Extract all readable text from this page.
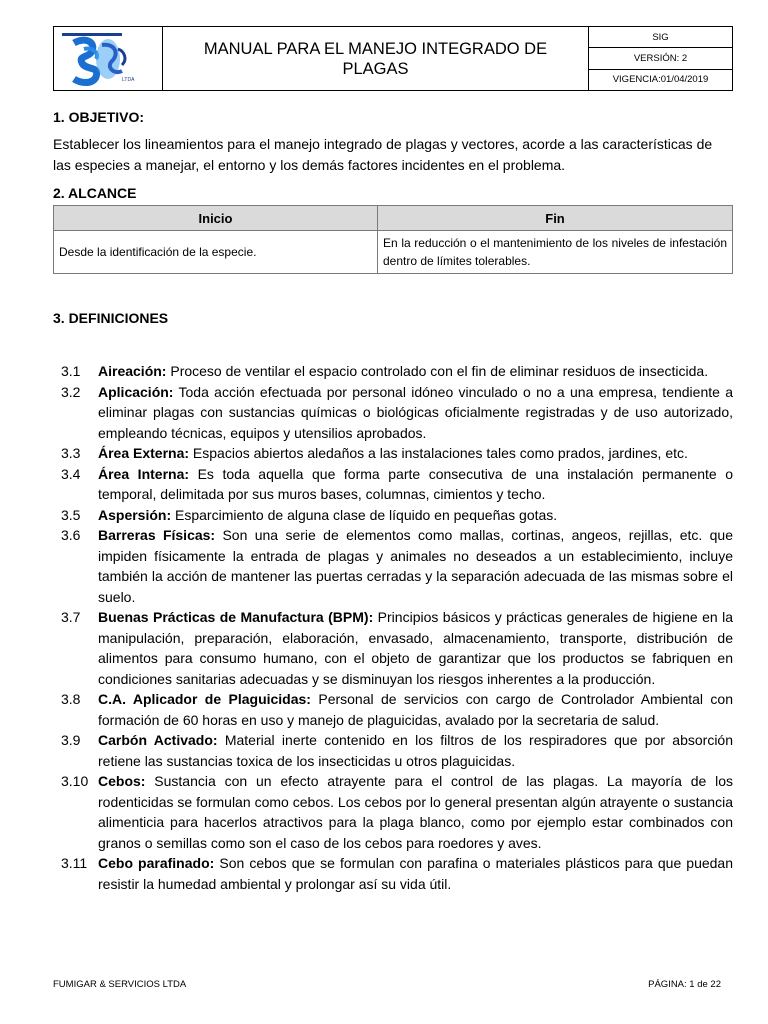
LTDA
MANUAL PARA EL MANEJO INTEGRADO DE PLAGAS
SIG
VERSIÓN: 2
VIGENCIA:01/04/2019
1. OBJETIVO:
Establecer los lineamientos para el manejo integrado de plagas y vectores, acorde a las características de las especies a manejar, el entorno y los demás factores incidentes en el problema.
2. ALCANCE
Inicio	Fin
Desde la identificación de la especie.	En la reducción o el mantenimiento de los niveles de infestación dentro de límites tolerables.
3. DEFINICIONES
3.1	Aireación: Proceso de ventilar el espacio controlado con el fin de eliminar residuos de insecticida.
3.2	Aplicación: Toda acción efectuada por personal idóneo vinculado o no a una empresa, tendiente a eliminar plagas con sustancias químicas o biológicas oficialmente registradas y de uso autorizado, empleando técnicas, equipos y utensilios aprobados.
3.3	Área Externa: Espacios abiertos aledaños a las instalaciones tales como prados, jardines, etc.
3.4	Área Interna: Es toda aquella que forma parte consecutiva de una instalación permanente o temporal, delimitada por sus muros bases, columnas, cimientos y techo.
3.5	Aspersión: Esparcimiento de alguna clase de líquido en pequeñas gotas.
3.6	Barreras Físicas: Son una serie de elementos como mallas, cortinas, angeos, rejillas, etc. que impiden físicamente la entrada de plagas y animales no deseados a un establecimiento, incluye también la acción de mantener las puertas cerradas y la separación adecuada de las mismas sobre el suelo.
3.7	Buenas Prácticas de Manufactura (BPM): Principios básicos y prácticas generales de higiene en la manipulación, preparación, elaboración, envasado, almacenamiento, transporte, distribución de alimentos para consumo humano, con el objeto de garantizar que los productos se fabriquen en condiciones sanitarias adecuadas y se disminuyan los riesgos inherentes a la producción.
3.8	C.A. Aplicador de Plaguicidas: Personal de servicios con cargo de Controlador Ambiental con formación de 60 horas en uso y manejo de plaguicidas, avalado por la secretaria de salud.
3.9	Carbón Activado: Material inerte contenido en los filtros de los respiradores que por absorción retiene las sustancias toxica de los insecticidas u otros plaguicidas.
3.10 Cebos: Sustancia con un efecto atrayente para el control de las plagas. La mayoría de los rodenticidas se formulan como cebos. Los cebos por lo general presentan algún atrayente o sustancia alimenticia para hacerlos atractivos para la plaga blanco, como por ejemplo estar combinados con granos o semillas como son el caso de los cebos para roedores y aves.
3.11 Cebo parafinado: Son cebos que se formulan con parafina o materiales plásticos para que puedan resistir la humedad ambiental y prolongar así su vida útil.
FUMIGAR & SERVICIOS LTDA	PÁGINA: 1 de 22
